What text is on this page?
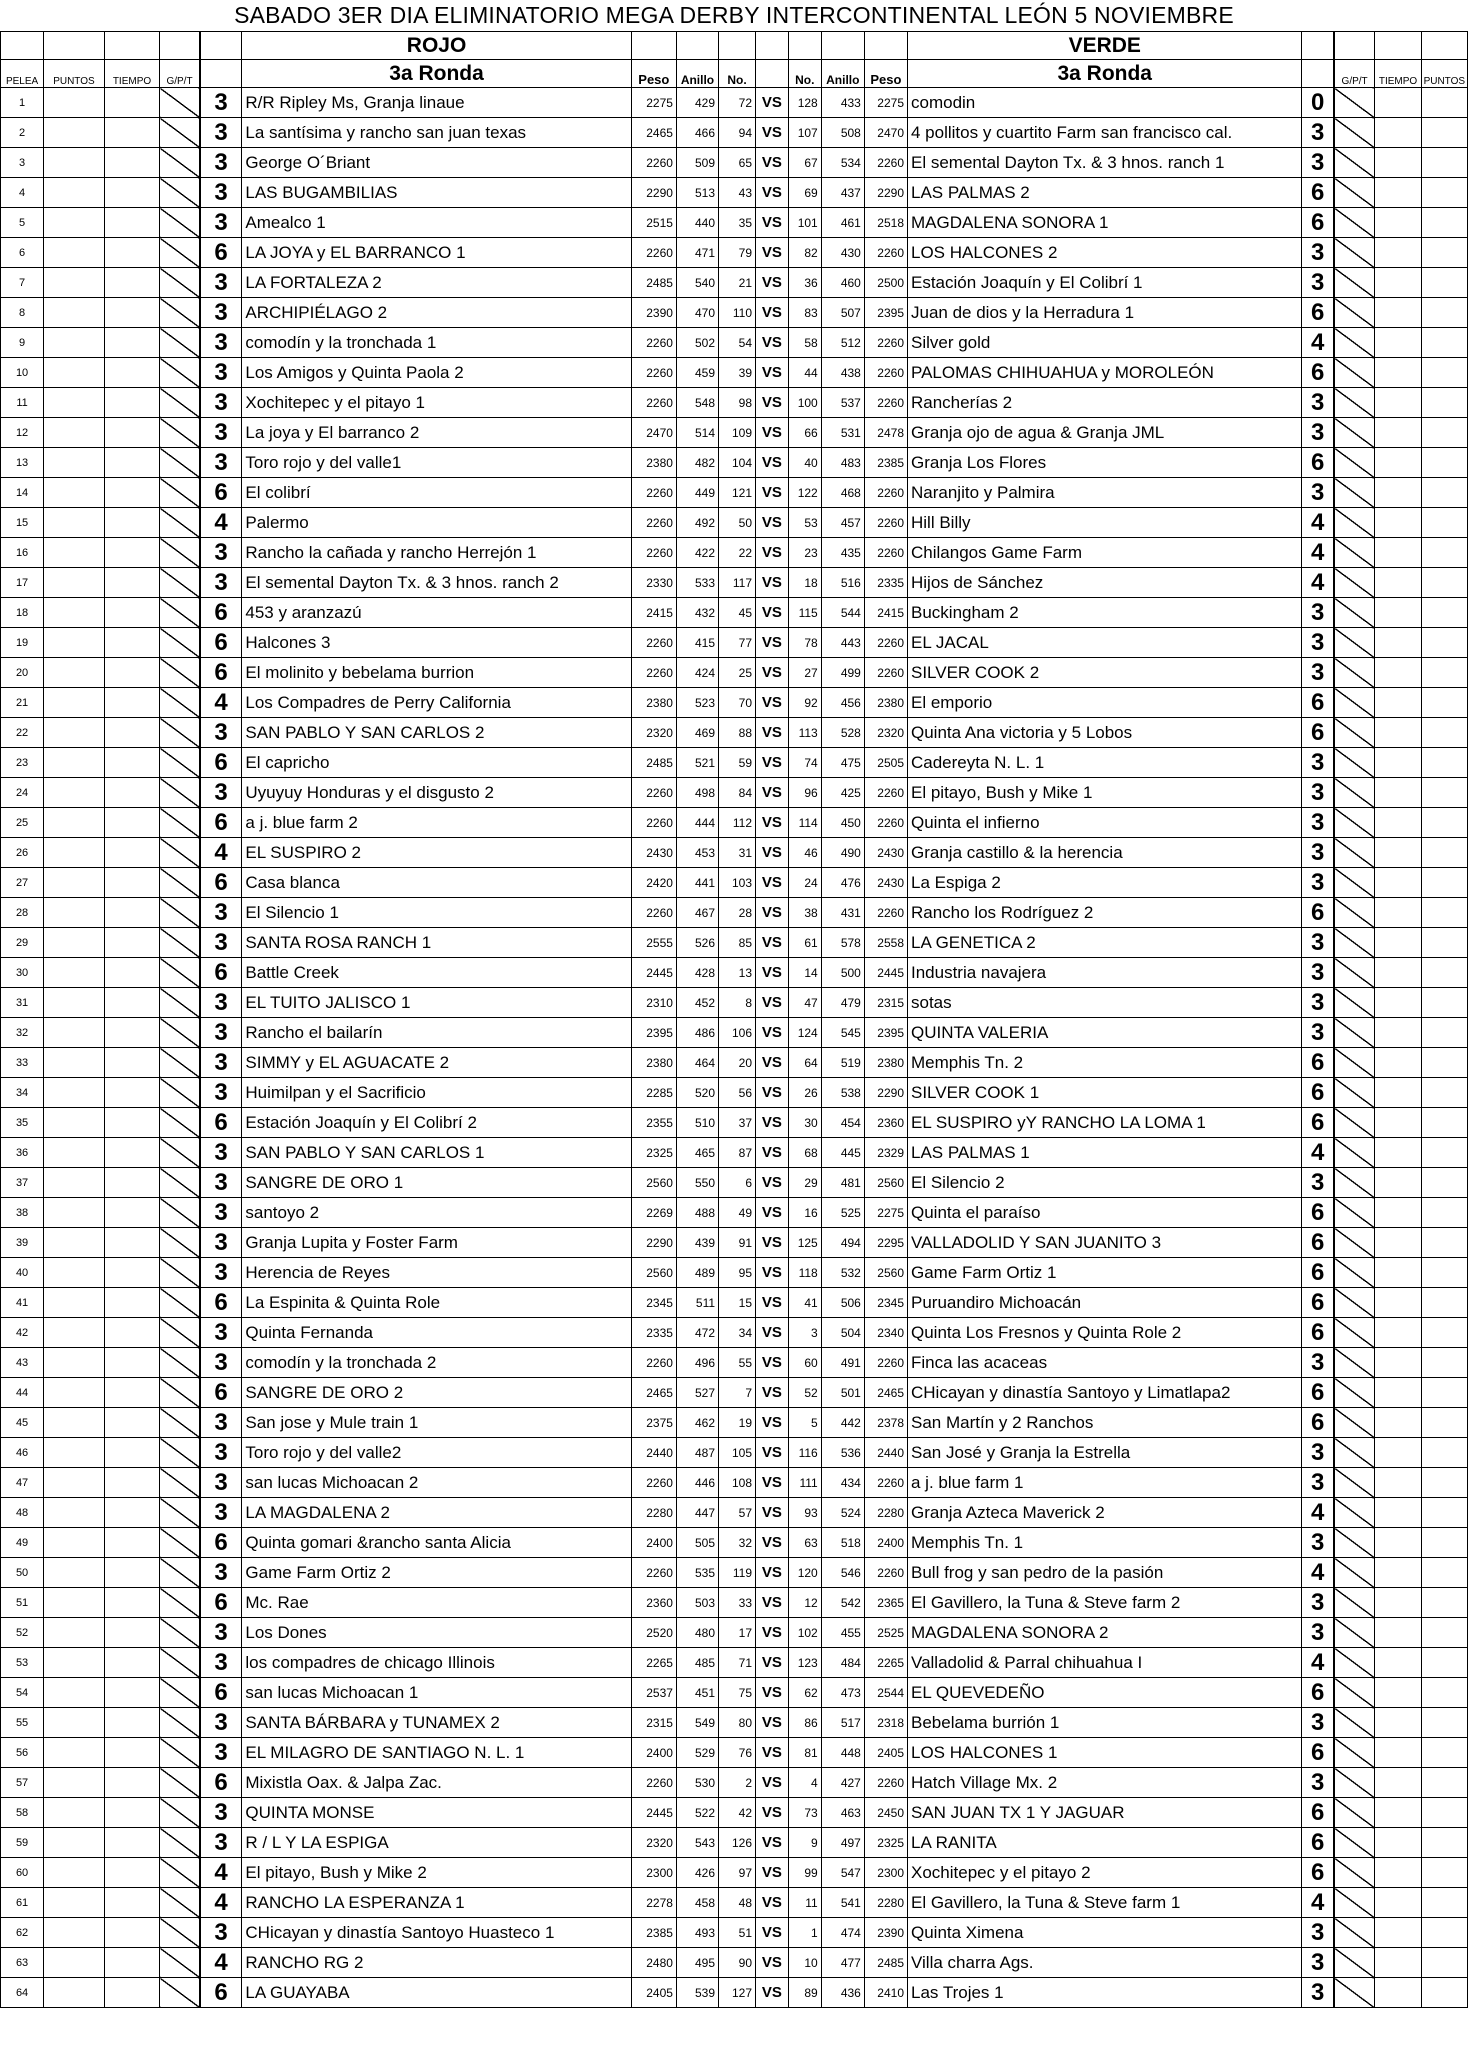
SABADO 3ER DIA ELIMINATORIO MEGA DERBY INTERCONTINENTAL LEÓN 5 NOVIEMBRE
					ROJO								VERDE				
PELEA	PUNTOS	TIEMPO	G/P/T		3a Ronda	Peso	Anillo	No.		No.	Anillo	Peso	3a Ronda		G/P/T	TIEMPO	PUNTOS
1				3	R/R Ripley Ms, Granja linaue	2275	429	72	VS	128	433	2275	comodin	0			
2				3	La santísima y rancho san juan texas	2465	466	94	VS	107	508	2470	4 pollitos y cuartito Farm san francisco cal.	3			
3				3	George O´Briant	2260	509	65	VS	67	534	2260	El semental Dayton Tx. & 3 hnos. ranch 1	3			
4				3	LAS BUGAMBILIAS	2290	513	43	VS	69	437	2290	LAS PALMAS 2	6			
5				3	Amealco 1	2515	440	35	VS	101	461	2518	MAGDALENA SONORA 1	6			
6				6	LA JOYA y EL BARRANCO 1	2260	471	79	VS	82	430	2260	LOS HALCONES 2	3			
7				3	LA FORTALEZA 2	2485	540	21	VS	36	460	2500	Estación Joaquín y El Colibrí 1	3			
8				3	ARCHIPIÉLAGO 2	2390	470	110	VS	83	507	2395	Juan de dios y la Herradura 1	6			
9				3	comodín y la tronchada 1	2260	502	54	VS	58	512	2260	Silver gold	4			
10				3	Los Amigos y Quinta Paola 2	2260	459	39	VS	44	438	2260	PALOMAS CHIHUAHUA y MOROLEÓN	6			
11				3	Xochitepec y el pitayo 1	2260	548	98	VS	100	537	2260	Rancherías 2	3			
12				3	La joya y El barranco 2	2470	514	109	VS	66	531	2478	Granja ojo de agua & Granja JML	3			
13				3	Toro rojo y del valle1	2380	482	104	VS	40	483	2385	Granja Los Flores	6			
14				6	El colibrí	2260	449	121	VS	122	468	2260	Naranjito y Palmira	3			
15				4	Palermo	2260	492	50	VS	53	457	2260	Hill Billy	4			
16				3	Rancho la cañada y rancho Herrejón 1	2260	422	22	VS	23	435	2260	Chilangos Game Farm	4			
17				3	El semental Dayton Tx. & 3 hnos. ranch 2	2330	533	117	VS	18	516	2335	Hijos de Sánchez	4			
18				6	453 y aranzazú	2415	432	45	VS	115	544	2415	Buckingham 2	3			
19				6	Halcones 3	2260	415	77	VS	78	443	2260	EL JACAL	3			
20				6	El molinito y bebelama burrion	2260	424	25	VS	27	499	2260	SILVER COOK 2	3			
21				4	Los Compadres de Perry California	2380	523	70	VS	92	456	2380	El emporio	6			
22				3	SAN PABLO Y SAN CARLOS 2	2320	469	88	VS	113	528	2320	Quinta Ana victoria y 5 Lobos	6			
23				6	El capricho	2485	521	59	VS	74	475	2505	Cadereyta N. L. 1	3			
24				3	Uyuyuy Honduras y el disgusto 2	2260	498	84	VS	96	425	2260	El pitayo, Bush y Mike 1	3			
25				6	a j. blue farm 2	2260	444	112	VS	114	450	2260	Quinta el infierno	3			
26				4	EL SUSPIRO 2	2430	453	31	VS	46	490	2430	Granja castillo & la herencia	3			
27				6	Casa blanca	2420	441	103	VS	24	476	2430	La Espiga 2	3			
28				3	El Silencio 1	2260	467	28	VS	38	431	2260	Rancho los Rodríguez 2	6			
29				3	SANTA ROSA RANCH 1	2555	526	85	VS	61	578	2558	LA GENETICA 2	3			
30				6	Battle Creek	2445	428	13	VS	14	500	2445	Industria navajera	3			
31				3	EL TUITO JALISCO 1	2310	452	8	VS	47	479	2315	sotas	3			
32				3	Rancho el bailarín	2395	486	106	VS	124	545	2395	QUINTA VALERIA	3			
33				3	SIMMY y EL AGUACATE 2	2380	464	20	VS	64	519	2380	Memphis Tn. 2	6			
34				3	Huimilpan y el Sacrificio	2285	520	56	VS	26	538	2290	SILVER COOK 1	6			
35				6	Estación Joaquín y El Colibrí 2	2355	510	37	VS	30	454	2360	EL SUSPIRO yY RANCHO LA LOMA 1	6			
36				3	SAN PABLO Y SAN CARLOS 1	2325	465	87	VS	68	445	2329	LAS PALMAS 1	4			
37				3	SANGRE DE ORO 1	2560	550	6	VS	29	481	2560	El Silencio 2	3			
38				3	santoyo 2	2269	488	49	VS	16	525	2275	Quinta el paraíso	6			
39				3	Granja Lupita y Foster Farm	2290	439	91	VS	125	494	2295	VALLADOLID Y SAN JUANITO 3	6			
40				3	Herencia de Reyes	2560	489	95	VS	118	532	2560	Game Farm Ortiz 1	6			
41				6	La Espinita & Quinta Role	2345	511	15	VS	41	506	2345	Puruandiro Michoacán	6			
42				3	Quinta Fernanda	2335	472	34	VS	3	504	2340	Quinta Los Fresnos y Quinta Role 2	6			
43				3	comodín y la tronchada 2	2260	496	55	VS	60	491	2260	Finca las acaceas	3			
44				6	SANGRE DE ORO 2	2465	527	7	VS	52	501	2465	CHicayan y dinastía Santoyo y Limatlapa2	6			
45				3	San jose y Mule train 1	2375	462	19	VS	5	442	2378	San Martín y 2 Ranchos	6			
46				3	Toro rojo y del valle2	2440	487	105	VS	116	536	2440	San José y Granja la Estrella	3			
47				3	san lucas Michoacan 2	2260	446	108	VS	111	434	2260	a j. blue farm 1	3			
48				3	LA MAGDALENA 2	2280	447	57	VS	93	524	2280	Granja Azteca Maverick 2	4			
49				6	Quinta gomari &rancho santa Alicia	2400	505	32	VS	63	518	2400	Memphis Tn. 1	3			
50				3	Game Farm Ortiz 2	2260	535	119	VS	120	546	2260	Bull frog y san pedro de la pasión	4			
51				6	Mc. Rae	2360	503	33	VS	12	542	2365	El Gavillero, la Tuna & Steve farm 2	3			
52				3	Los Dones	2520	480	17	VS	102	455	2525	MAGDALENA SONORA 2	3			
53				3	los compadres de chicago Illinois	2265	485	71	VS	123	484	2265	Valladolid & Parral chihuahua I	4			
54				6	san lucas Michoacan 1	2537	451	75	VS	62	473	2544	EL QUEVEDEÑO	6			
55				3	SANTA BÁRBARA y TUNAMEX 2	2315	549	80	VS	86	517	2318	Bebelama burrión 1	3			
56				3	EL MILAGRO DE SANTIAGO N. L. 1	2400	529	76	VS	81	448	2405	LOS HALCONES 1	6			
57				6	Mixistla Oax. & Jalpa Zac.	2260	530	2	VS	4	427	2260	Hatch Village Mx. 2	3			
58				3	QUINTA MONSE	2445	522	42	VS	73	463	2450	SAN JUAN TX 1 Y JAGUAR	6			
59				3	R / L Y LA ESPIGA	2320	543	126	VS	9	497	2325	LA RANITA	6			
60				4	El pitayo, Bush y Mike 2	2300	426	97	VS	99	547	2300	Xochitepec y el pitayo 2	6			
61				4	RANCHO LA ESPERANZA 1	2278	458	48	VS	11	541	2280	El Gavillero, la Tuna & Steve farm 1	4			
62				3	CHicayan y dinastía Santoyo Huasteco 1	2385	493	51	VS	1	474	2390	Quinta Ximena	3			
63				4	RANCHO RG 2	2480	495	90	VS	10	477	2485	Villa charra Ags.	3			
64				6	LA GUAYABA	2405	539	127	VS	89	436	2410	Las Trojes 1	3			
